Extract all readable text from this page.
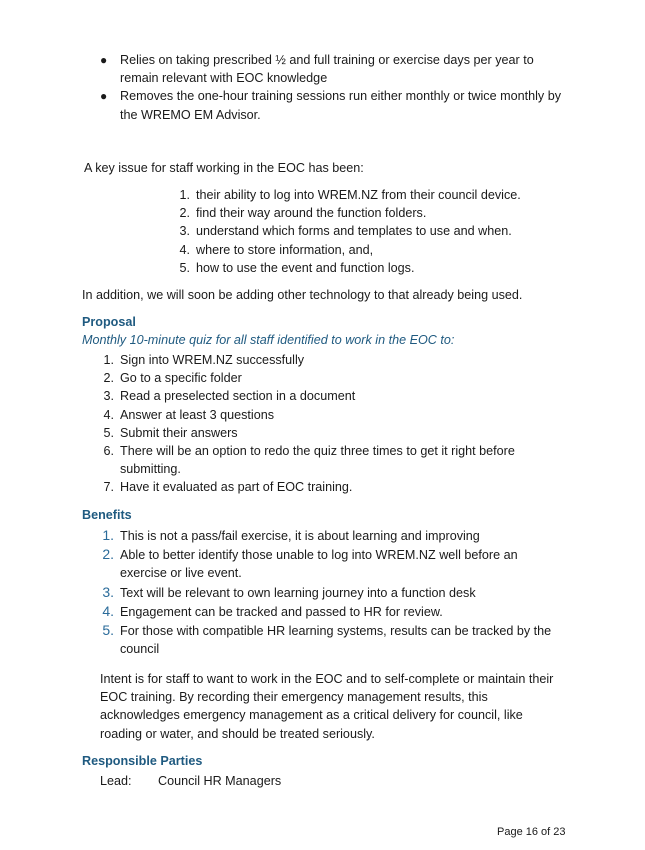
● Relies on taking prescribed ½ and full training or exercise days per year to remain relevant with EOC knowledge
● Removes the one-hour training sessions run either monthly or twice monthly by the WREMO EM Advisor.

A key issue for staff working in the EOC has been:

1. their ability to log into WREM.NZ from their council device.
2. find their way around the function folders.
3. understand which forms and templates to use and when.
4. where to store information, and,
5. how to use the event and function logs.

In addition, we will soon be adding other technology to that already being used.

Proposal

Monthly 10-minute quiz for all staff identified to work in the EOC to:

1. Sign into WREM.NZ successfully
2. Go to a specific folder
3. Read a preselected section in a document
4. Answer at least 3 questions
5. Submit their answers
6. There will be an option to redo the quiz three times to get it right before submitting.
7. Have it evaluated as part of EOC training.
Benefits
1. This is not a pass/fail exercise, it is about learning and improving
2. Able to better identify those unable to log into WREM.NZ well before an exercise or live event.
3. Text will be relevant to own learning journey into a function desk
4. Engagement can be tracked and passed to HR for review.
5. For those with compatible HR learning systems, results can be tracked by the council

Intent is for staff to want to work in the EOC and to self-complete or maintain their EOC training. By recording their emergency management results, this acknowledges emergency management as a critical delivery for council, like roading or water, and should be treated seriously.

Responsible Parties

Lead: Council HR Managers

Page 16 of 23
